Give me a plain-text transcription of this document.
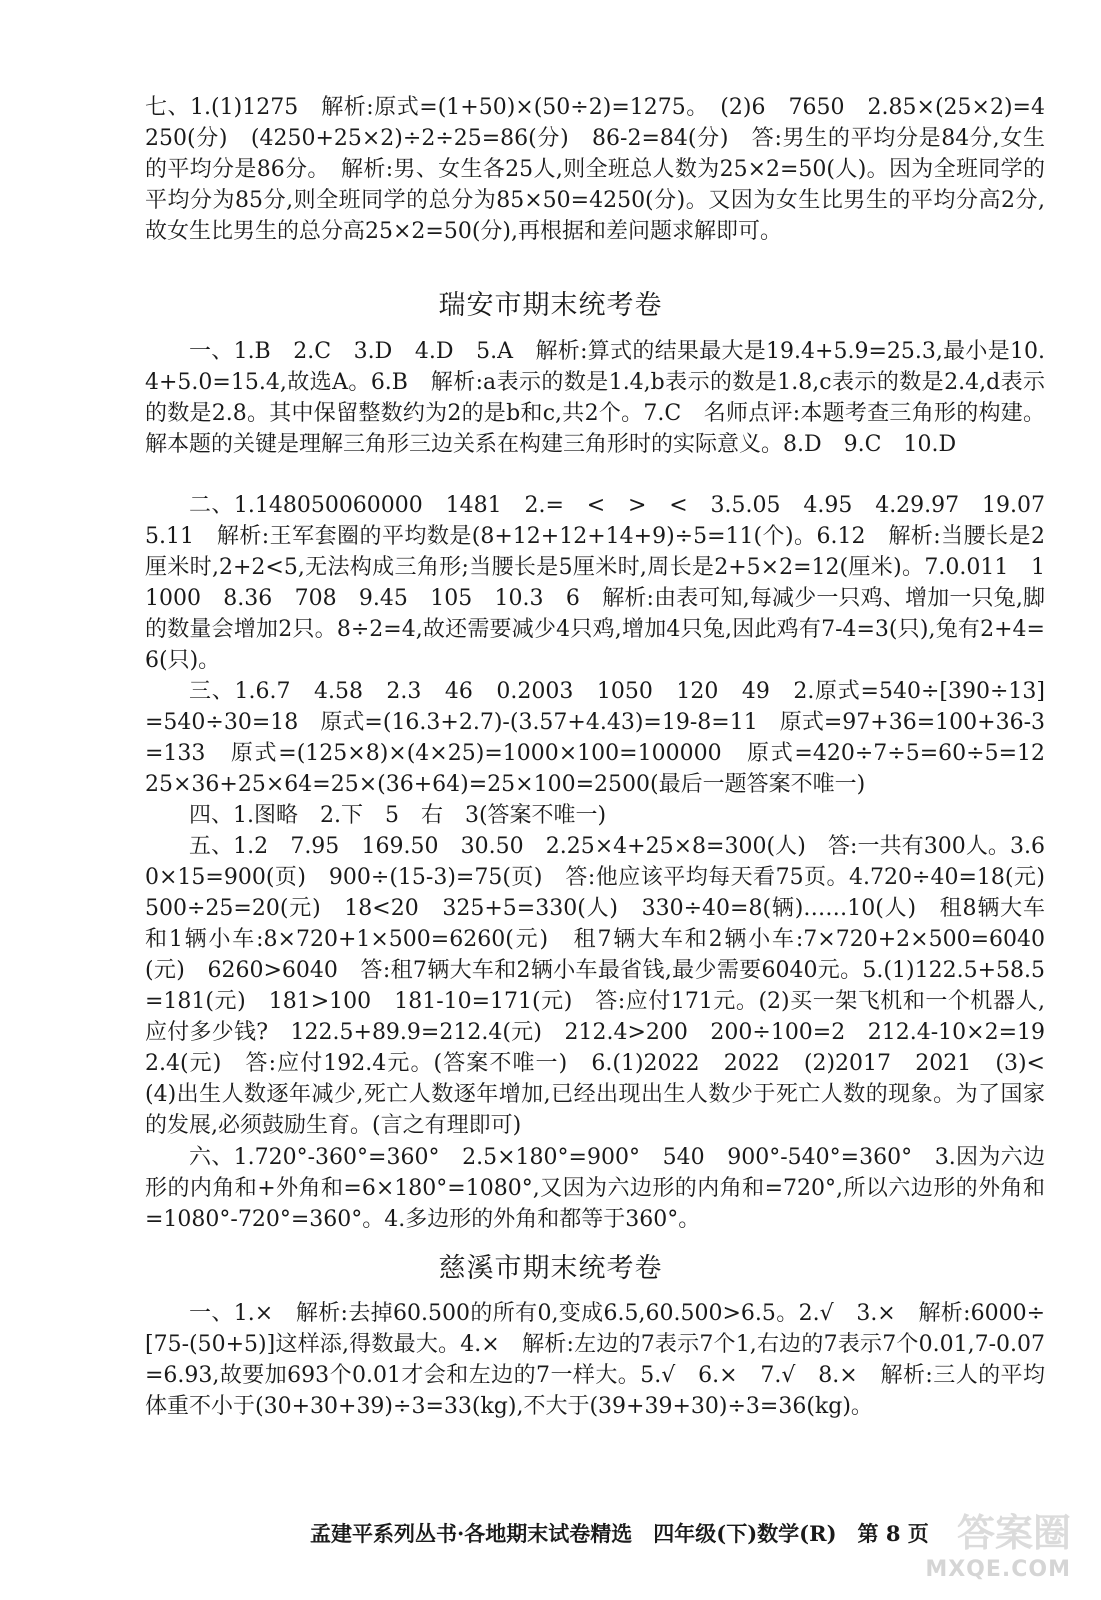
七、1.(1)1275　解析:原式=(1+50)×(50÷2)=1275。　(2)6　7650　2.85×(25×2)=4250(分)　(4250+25×2)÷2÷25=86(分)　86-2=84(分)　答:男生的平均分是84分,女生的平均分是86分。　解析:男、女生各25人,则全班总人数为25×2=50(人)。因为全班同学的平均分为85分,则全班同学的总分为85×50=4250(分)。又因为女生比男生的平均分高2分,故女生比男生的总分高25×2=50(分),再根据和差问题求解即可。
瑞安市期末统考卷
一、1.B　2.C　3.D　4.D　5.A　解析:算式的结果最大是19.4+5.9=25.3,最小是10.4+5.0=15.4,故选A。6.B　解析:a表示的数是1.4,b表示的数是1.8,c表示的数是2.4,d表示的数是2.8。其中保留整数约为2的是b和c,共2个。7.C　名师点评:本题考查三角形的构建。解本题的关键是理解三角形三边关系在构建三角形时的实际意义。8.D　9.C　10.D
二、1.148050060000　1481　2.=　<　>　<　3.5.05　4.95　4.29.97　19.07　5.11　解析:王军套圈的平均数是(8+12+12+14+9)÷5=11(个)。6.12　解析:当腰长是2厘米时,2+2<5,无法构成三角形;当腰长是5厘米时,周长是2+5×2=12(厘米)。7.0.011　11000　8.36　708　9.45　105　10.3　6　解析:由表可知,每减少一只鸡、增加一只兔,脚的数量会增加2只。8÷2=4,故还需要减少4只鸡,增加4只兔,因此鸡有7-4=3(只),兔有2+4=6(只)。
三、1.6.7　4.58　2.3　46　0.2003　1050　120　49　2.原式=540÷[390÷13]=540÷30=18　原式=(16.3+2.7)-(3.57+4.43)=19-8=11　原式=97+36=100+36-3=133　原式=(125×8)×(4×25)=1000×100=100000　原式=420÷7÷5=60÷5=12　25×36+25×64=25×(36+64)=25×100=2500(最后一题答案不唯一)
四、1.图略　2.下　5　右　3(答案不唯一)
五、1.2　7.95　169.50　30.50　2.25×4+25×8=300(人)　答:一共有300人。3.60×15=900(页)　900÷(15-3)=75(页)　答:他应该平均每天看75页。4.720÷40=18(元)　500÷25=20(元)　18<20　325+5=330(人)　330÷40=8(辆)……10(人)　租8辆大车和1辆小车:8×720+1×500=6260(元)　租7辆大车和2辆小车:7×720+2×500=6040(元)　6260>6040　答:租7辆大车和2辆小车最省钱,最少需要6040元。5.(1)122.5+58.5=181(元)　181>100　181-10=171(元)　答:应付171元。(2)买一架飞机和一个机器人,应付多少钱?　122.5+89.9=212.4(元)　212.4>200　200÷100=2　212.4-10×2=192.4(元)　答:应付192.4元。(答案不唯一)　6.(1)2022　2022　(2)2017　2021　(3)<　(4)出生人数逐年减少,死亡人数逐年增加,已经出现出生人数少于死亡人数的现象。为了国家的发展,必须鼓励生育。(言之有理即可)
六、1.720°-360°=360°　2.5×180°=900°　540　900°-540°=360°　3.因为六边形的内角和+外角和=6×180°=1080°,又因为六边形的内角和=720°,所以六边形的外角和=1080°-720°=360°。4.多边形的外角和都等于360°。
慈溪市期末统考卷
一、1.×　解析:去掉60.500的所有0,变成6.5,60.500>6.5。2.√　3.×　解析:6000÷[75-(50+5)]这样添,得数最大。4.×　解析:左边的7表示7个1,右边的7表示7个0.01,7-0.07=6.93,故要加693个0.01才会和左边的7一样大。5.√　6.×　7.√　8.×　解析:三人的平均体重不小于(30+30+39)÷3=33(kg),不大于(39+39+30)÷3=36(kg)。
孟建平系列丛书·各地期末试卷精选　四年级(下)数学(R)　第 8 页 答案圈
MXQE.COM
